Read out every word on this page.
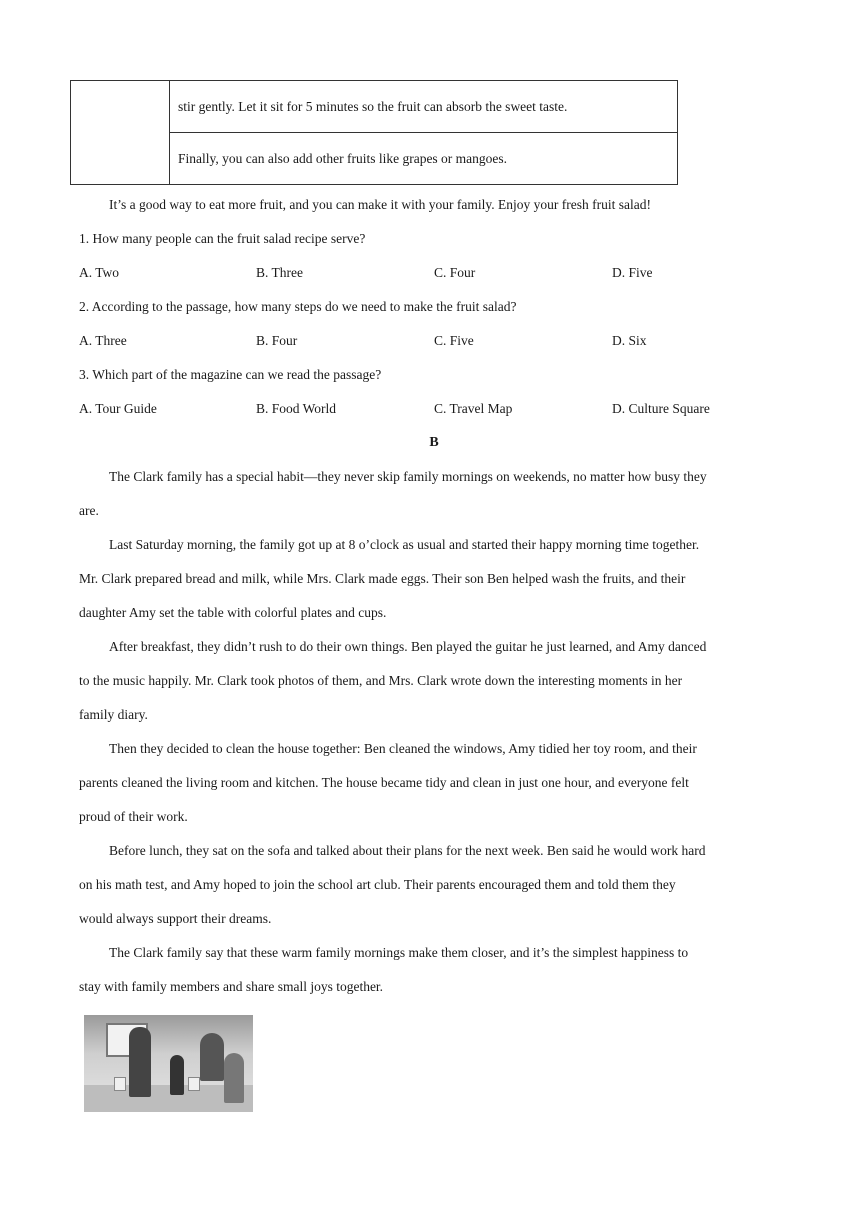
	stir gently. Let it sit for 5 minutes so the fruit can absorb the sweet taste.
Finally, you can also add other fruits like grapes or mangoes.
It’s a good way to eat more fruit, and you can make it with your family. Enjoy your fresh fruit salad!
1. How many people can the fruit salad recipe serve?
A. Two	B. Three	C. Four	D. Five
2. According to the passage, how many steps do we need to make the fruit salad?
A. Three	B. Four	C. Five	D. Six
3. Which part of the magazine can we read the passage?
A. Tour Guide	B. Food World	C. Travel Map	D. Culture Square
B
The Clark family has a special habit—they never skip family mornings on weekends, no matter how busy they
are.
Last Saturday morning, the family got up at 8 o’clock as usual and started their happy morning time together.
Mr. Clark prepared bread and milk, while Mrs. Clark made eggs. Their son Ben helped wash the fruits, and their
daughter Amy set the table with colorful plates and cups.
After breakfast, they didn’t rush to do their own things. Ben played the guitar he just learned, and Amy danced
to the music happily. Mr. Clark took photos of them, and Mrs. Clark wrote down the interesting moments in her
family diary.
Then they decided to clean the house together: Ben cleaned the windows, Amy tidied her toy room, and their
parents cleaned the living room and kitchen. The house became tidy and clean in just one hour, and everyone felt
proud of their work.
Before lunch, they sat on the sofa and talked about their plans for the next week. Ben said he would work hard
on his math test, and Amy hoped to join the school art club. Their parents encouraged them and told them they
would always support their dreams.
The Clark family say that these warm family mornings make them closer, and it’s the simplest happiness to
stay with family members and share small joys together.
